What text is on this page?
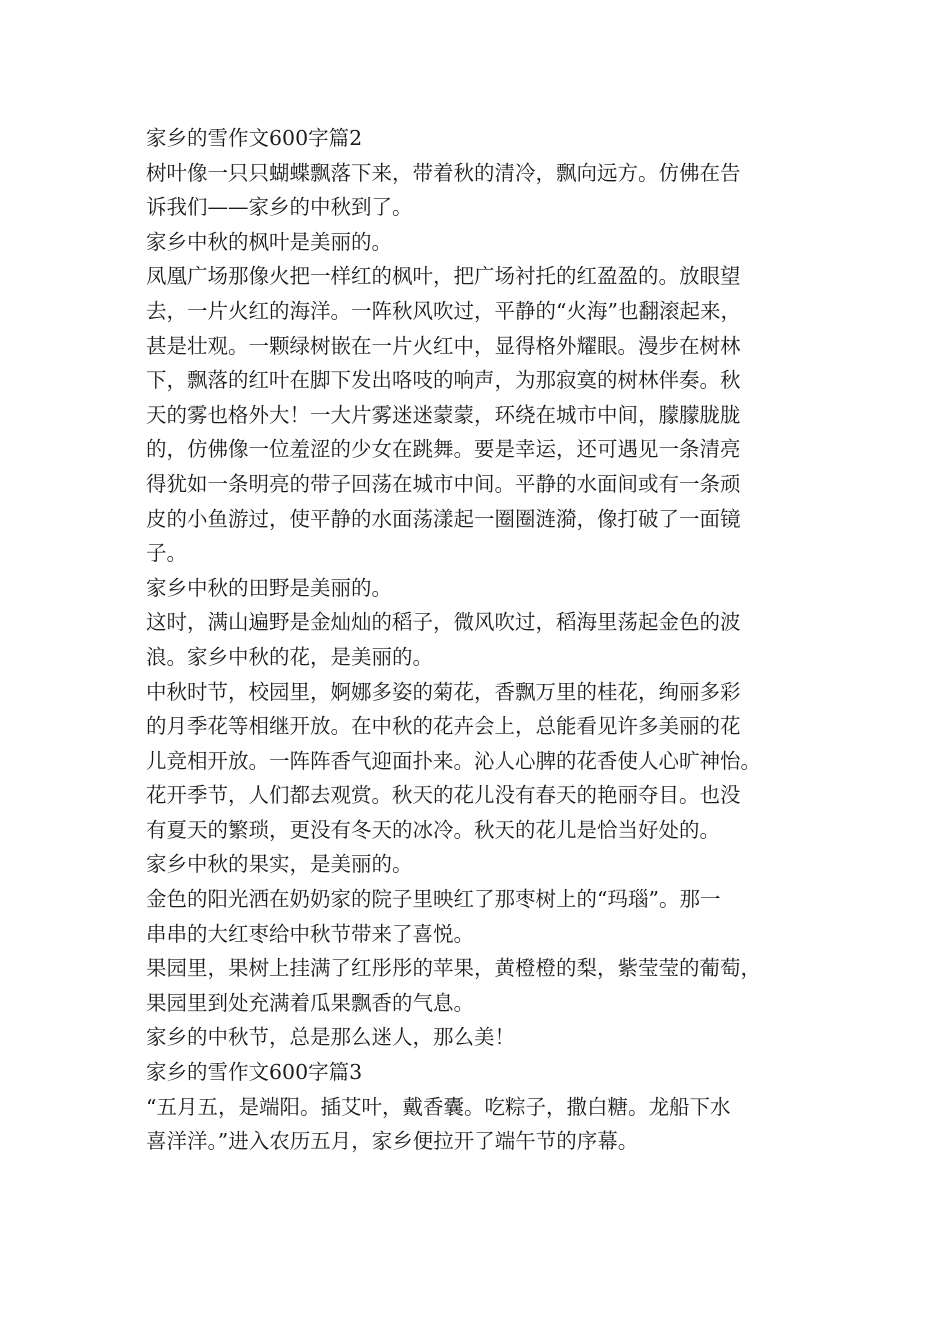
家乡的雪作文600字篇2
树叶像一只只蝴蝶飘落下来，带着秋的清冷，飘向远方。仿佛在告
诉我们——家乡的中秋到了。
家乡中秋的枫叶是美丽的。
凤凰广场那像火把一样红的枫叶，把广场衬托的红盈盈的。放眼望
去，一片火红的海洋。一阵秋风吹过，平静的“火海”也翻滚起来，
甚是壮观。一颗绿树嵌在一片火红中，显得格外耀眼。漫步在树林
下，飘落的红叶在脚下发出咯吱的响声，为那寂寞的树林伴奏。秋
天的雾也格外大！一大片雾迷迷蒙蒙，环绕在城市中间，朦朦胧胧
的，仿佛像一位羞涩的少女在跳舞。要是幸运，还可遇见一条清亮
得犹如一条明亮的带子回荡在城市中间。平静的水面间或有一条顽
皮的小鱼游过，使平静的水面荡漾起一圈圈涟漪，像打破了一面镜
子。
家乡中秋的田野是美丽的。
这时，满山遍野是金灿灿的稻子，微风吹过，稻海里荡起金色的波
浪。家乡中秋的花，是美丽的。
中秋时节，校园里，婀娜多姿的菊花，香飘万里的桂花，绚丽多彩
的月季花等相继开放。在中秋的花卉会上，总能看见许多美丽的花
儿竞相开放。一阵阵香气迎面扑来。沁人心脾的花香使人心旷神怡。
花开季节，人们都去观赏。秋天的花儿没有春天的艳丽夺目。也没
有夏天的繁琐，更没有冬天的冰冷。秋天的花儿是恰当好处的。
家乡中秋的果实，是美丽的。
金色的阳光洒在奶奶家的院子里映红了那枣树上的“玛瑙”。那一
串串的大红枣给中秋节带来了喜悦。
果园里，果树上挂满了红彤彤的苹果，黄橙橙的梨，紫莹莹的葡萄，
果园里到处充满着瓜果飘香的气息。
家乡的中秋节，总是那么迷人，那么美！
家乡的雪作文600字篇3
“五月五，是端阳。插艾叶，戴香囊。吃粽子，撒白糖。龙船下水
喜洋洋。”进入农历五月，家乡便拉开了端午节的序幕。
